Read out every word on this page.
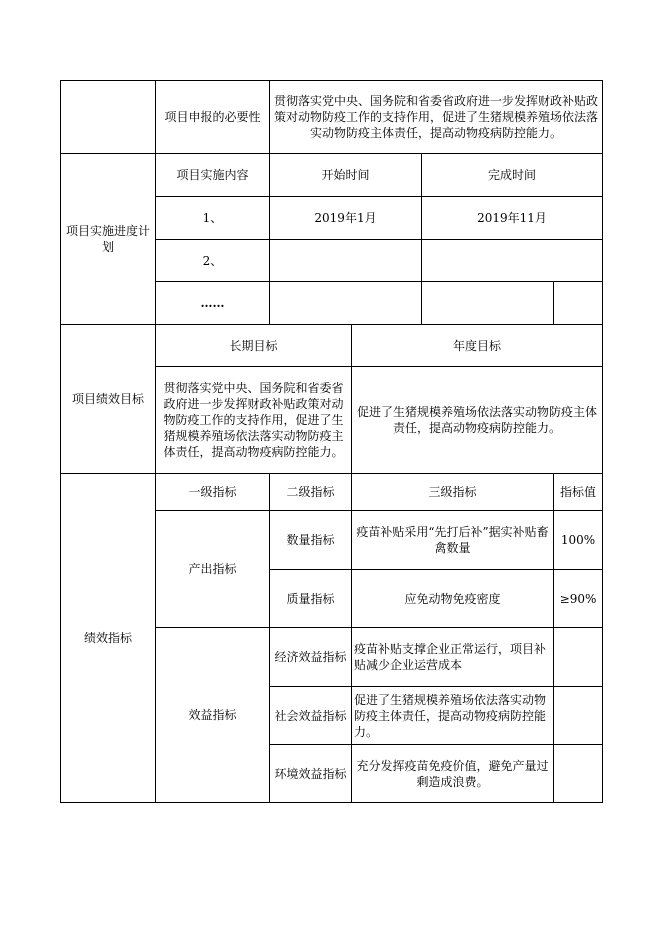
	项目申报的必要性	贯彻落实党中央、国务院和省委省政府进一步发挥财政补贴政策对动物防疫工作的支持作用，促进了生猪规模养殖场依法落实动物防疫主体责任，提高动物疫病防控能力。			
项目实施进度计划	项目实施内容	开始时间		完成时间	
	1、	2019年1月		2019年11月	
	2、				
	……				
项目绩效目标	长期目标		年度目标		
	贯彻落实党中央、国务院和省委省政府进一步发挥财政补贴政策对动物防疫工作的支持作用，促进了生猪规模养殖场依法落实动物防疫主体责任，提高动物疫病防控能力。		促进了生猪规模养殖场依法落实动物防疫主体责任，提高动物疫病防控能力。		
绩效指标	一级指标	二级指标	三级指标		指标值
	产出指标	数量指标	疫苗补贴采用“先打后补”据实补贴畜禽数量		100%
		质量指标	应免动物免疫密度		≥90%
	效益指标	经济效益指标	疫苗补贴支撑企业正常运行，项目补贴减少企业运营成本		
		社会效益指标	促进了生猪规模养殖场依法落实动物防疫主体责任，提高动物疫病防控能力。		
		环境效益指标	充分发挥疫苗免疫价值，避免产量过剩造成浪费。		
